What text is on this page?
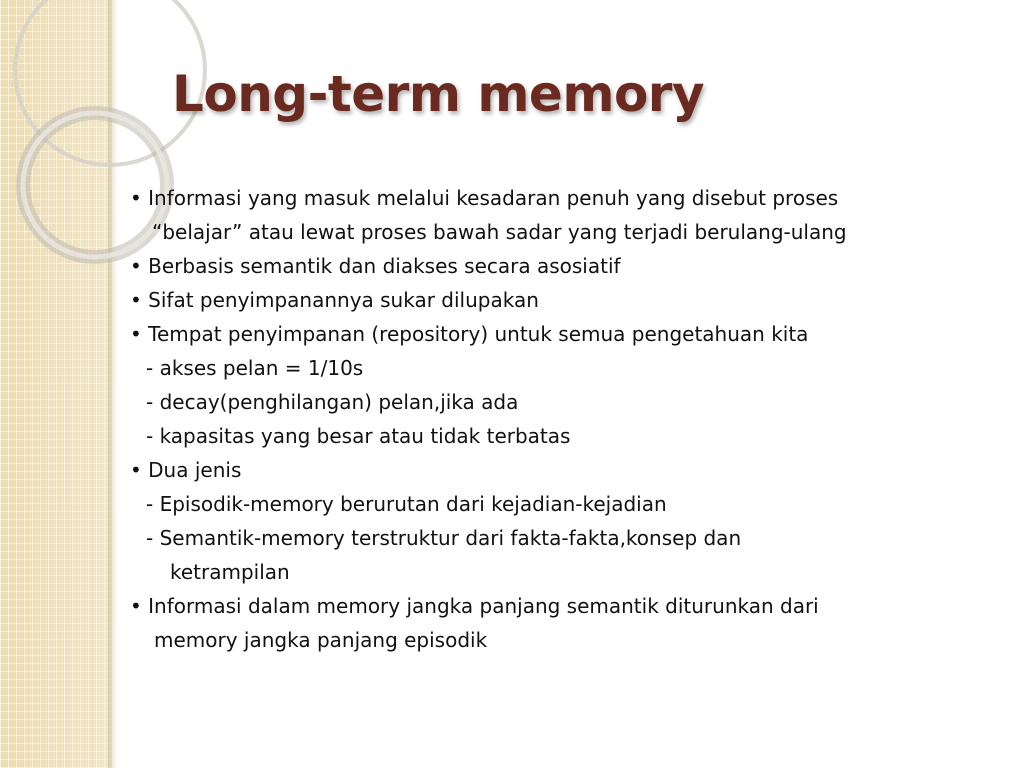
Long-term memory
• Informasi yang masuk melalui kesadaran penuh yang disebut proses
“belajar” atau lewat proses bawah sadar yang terjadi berulang-ulang
• Berbasis semantik dan diakses secara asosiatif
• Sifat penyimpanannya sukar dilupakan
• Tempat penyimpanan (repository) untuk semua pengetahuan kita
- akses pelan = 1/10s
- decay(penghilangan) pelan,jika ada
- kapasitas yang besar atau tidak terbatas
• Dua jenis
- Episodik-memory berurutan dari kejadian-kejadian
- Semantik-memory terstruktur dari fakta-fakta,konsep dan
ketrampilan
• Informasi dalam memory jangka panjang semantik diturunkan dari
memory jangka panjang episodik
